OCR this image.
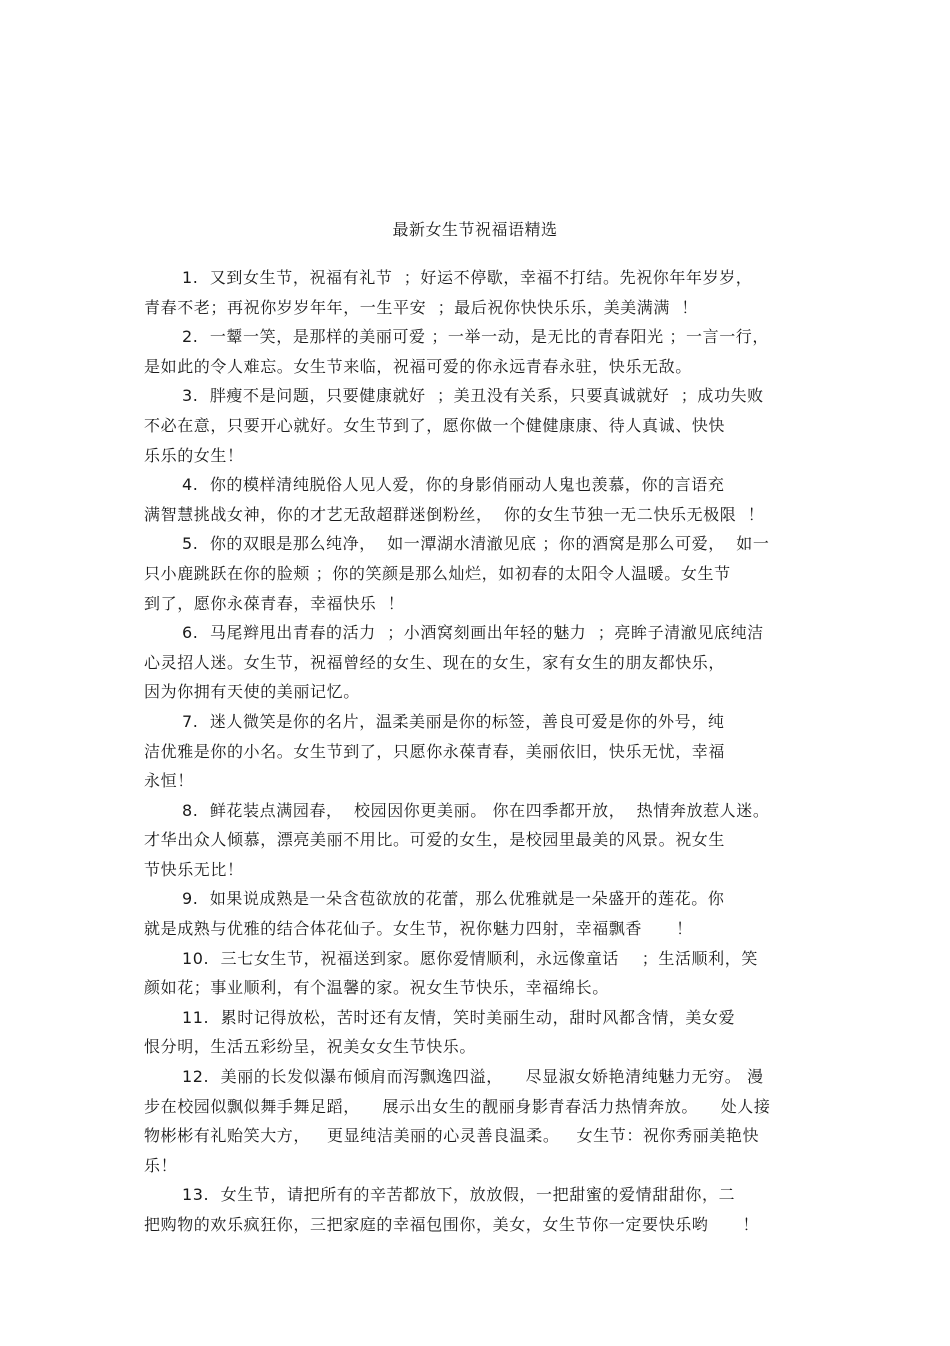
最新女生节祝福语精选

1.  又到女生节，祝福有礼节  ；好运不停歇，幸福不打结。先祝你年年岁岁，
青春不老；再祝你岁岁年年，一生平安  ；最后祝你快快乐乐，美美满满  ！

2.  一颦一笑，是那样的美丽可爱 ；一举一动，是无比的青春阳光 ；一言一行，
是如此的令人难忘。女生节来临，祝福可爱的你永远青春永驻，快乐无敌。

3.  胖瘦不是问题，只要健康就好  ；美丑没有关系，只要真诚就好  ；成功失败
不必在意，只要开心就好。女生节到了，愿你做一个健健康康、待人真诚、快快
乐乐的女生！

4.  你的模样清纯脱俗人见人爱，你的身影俏丽动人鬼也羡慕，你的言语充
满智慧挑战女神，你的才艺无敌超群迷倒粉丝，  你的女生节独一无二快乐无极限  ！

5.  你的双眼是那么纯净，  如一潭湖水清澈见底 ；你的酒窝是那么可爱，  如一
只小鹿跳跃在你的脸颊 ；你的笑颜是那么灿烂，如初春的太阳令人温暖。女生节
到了，愿你永葆青春，幸福快乐  ！

6.  马尾辫甩出青春的活力  ；小酒窝刻画出年轻的魅力  ；亮眸子清澈见底纯洁
心灵招人迷。女生节，祝福曾经的女生、现在的女生，家有女生的朋友都快乐，
因为你拥有天使的美丽记忆。

7.  迷人微笑是你的名片，温柔美丽是你的标签，善良可爱是你的外号，纯
洁优雅是你的小名。女生节到了，只愿你永葆青春，美丽依旧，快乐无忧，幸福
永恒！

8.  鲜花装点满园春，  校园因你更美丽。 你在四季都开放，  热情奔放惹人迷。
才华出众人倾慕，漂亮美丽不用比。可爱的女生，是校园里最美的风景。祝女生
节快乐无比！

9.  如果说成熟是一朵含苞欲放的花蕾，那么优雅就是一朵盛开的莲花。你
就是成熟与优雅的结合体花仙子。女生节，祝你魅力四射，幸福飘香      ！

10.  三七女生节，祝福送到家。愿你爱情顺利，永远像童话    ；生活顺利，笑
颜如花；事业顺利，有个温馨的家。祝女生节快乐，幸福绵长。

11.  累时记得放松，苦时还有友情，笑时美丽生动，甜时风都含情，美女爱
恨分明，生活五彩纷呈，祝美女女生节快乐。

12.  美丽的长发似瀑布倾肩而泻飘逸四溢，    尽显淑女娇艳清纯魅力无穷。 漫
步在校园似飘似舞手舞足蹈，    展示出女生的靓丽身影青春活力热情奔放。    处人接
物彬彬有礼贻笑大方，   更显纯洁美丽的心灵善良温柔。   女生节：祝你秀丽美艳快
乐！

13.  女生节，请把所有的辛苦都放下，放放假，一把甜蜜的爱情甜甜你，二
把购物的欢乐疯狂你，三把家庭的幸福包围你，美女，女生节你一定要快乐哟      ！
